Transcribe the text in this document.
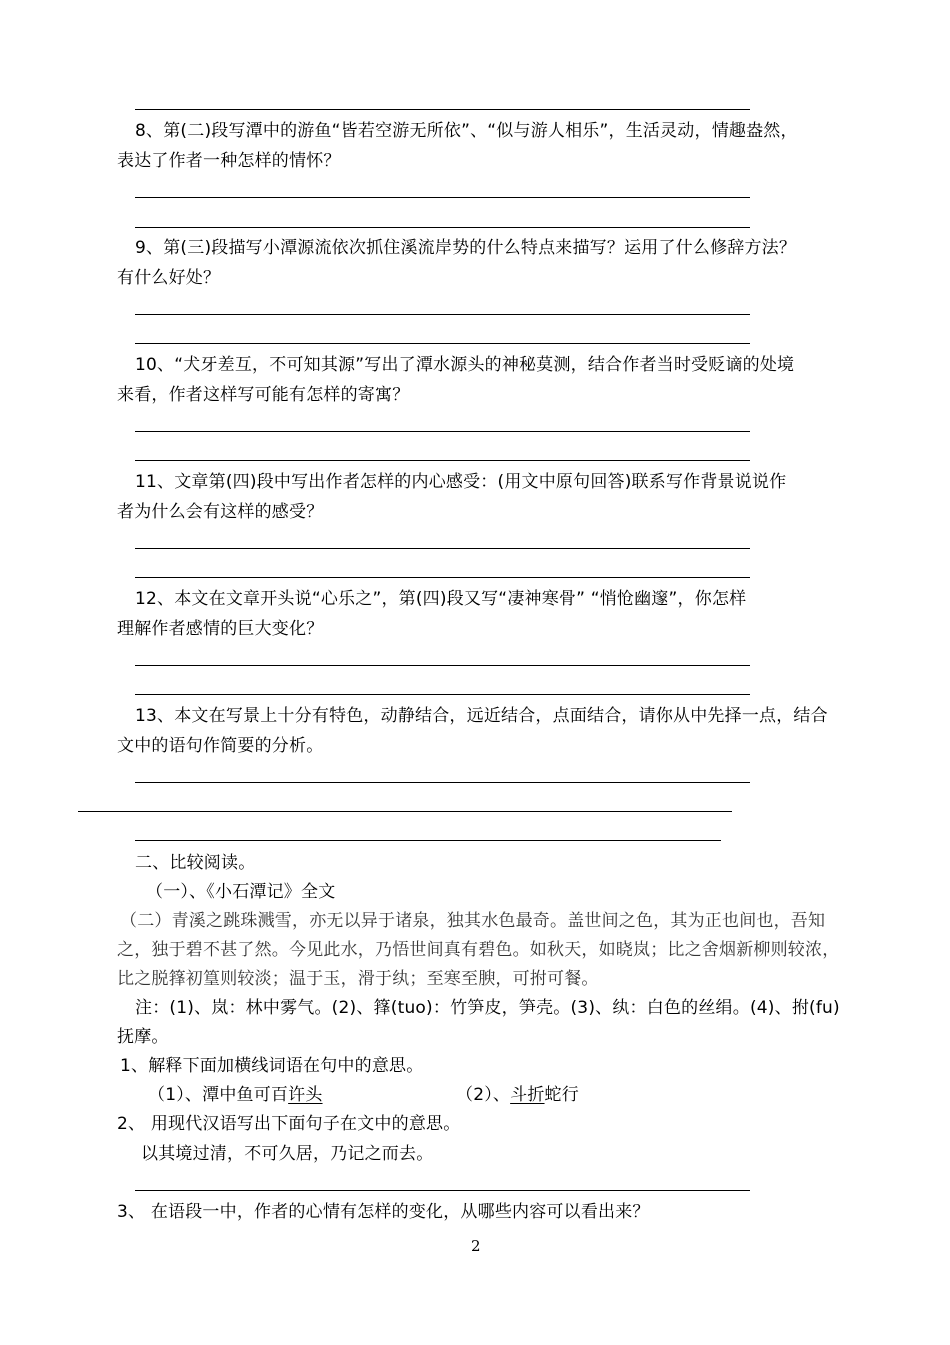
8、第(二)段写潭中的游鱼“皆若空游无所依”、“似与游人相乐”，生活灵动，情趣盎然，
表达了作者一种怎样的情怀？
9、第(三)段描写小潭源流依次抓住溪流岸势的什么特点来描写？运用了什么修辞方法？
有什么好处？
10、“犬牙差互，不可知其源”写出了潭水源头的神秘莫测，结合作者当时受贬谪的处境
来看，作者这样写可能有怎样的寄寓？
11、文章第(四)段中写出作者怎样的内心感受：(用文中原句回答)联系写作背景说说作
者为什么会有这样的感受？
12、本文在文章开头说“心乐之”，第(四)段又写“凄神寒骨” “悄怆幽邃”，你怎样
理解作者感情的巨大变化？
13、本文在写景上十分有特色，动静结合，远近结合，点面结合，请你从中先择一点，结合
文中的语句作简要的分析。
二、比较阅读。
（一）、《小石潭记》全文
（二）青溪之跳珠溅雪，亦无以异于诸泉，独其水色最奇。盖世间之色，其为正也间也，吾知
之，独于碧不甚了然。今见此水，乃悟世间真有碧色。如秋天，如晓岚；比之舍烟新柳则较浓，
比之脱箨初篁则较淡；温于玉，滑于纨；至寒至腴，可拊可餐。
注：(1)、岚：林中雾气。(2)、箨(tuo)：竹笋皮，笋壳。(3)、纨：白色的丝绢。(4)、拊(fu)
抚摩。
1、解释下面加横线词语在句中的意思。
（1）、潭中鱼可百许头	（2）、斗折蛇行
2、 用现代汉语写出下面句子在文中的意思。
以其境过清，不可久居，乃记之而去。
3、 在语段一中，作者的心情有怎样的变化，从哪些内容可以看出来？
2
